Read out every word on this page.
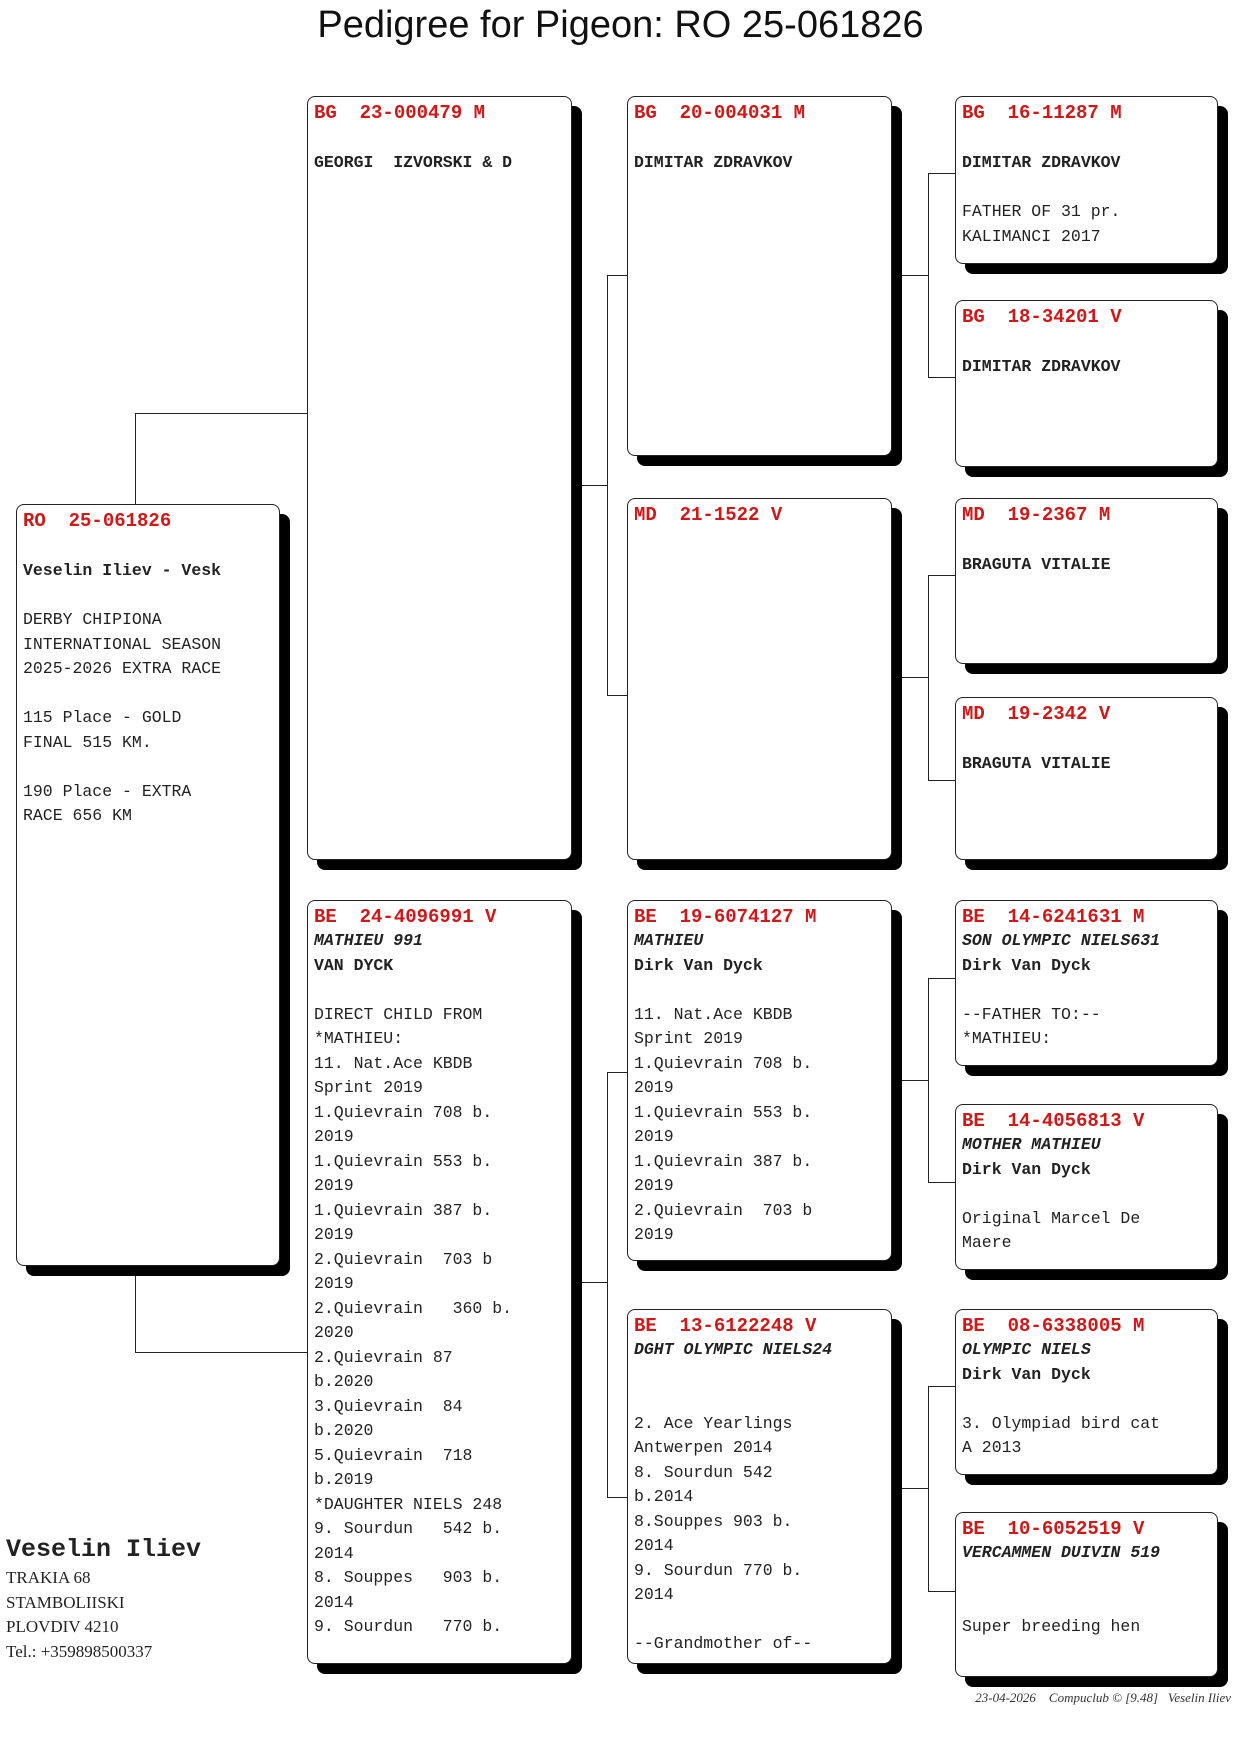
Pedigree for Pigeon: RO 25-061826
RO  25-061826
Veselin Iliev - Vesk
DERBY CHIPIONA
INTERNATIONAL SEASON
2025-2026 EXTRA RACE

115 Place - GOLD
FINAL 515 KM.

190 Place - EXTRA
RACE 656 KM
BG  23-000479 M
GEORGI  IZVORSKI & D
BE  24-4096991 V
MATHIEU 991
VAN DYCK
DIRECT CHILD FROM
*MATHIEU:
11. Nat.Ace KBDB
Sprint 2019
1.Quievrain 708 b.
2019
1.Quievrain 553 b.
2019
1.Quievrain 387 b.
2019
2.Quievrain  703 b
2019
2.Quievrain   360 b.
2020
2.Quievrain 87
b.2020
3.Quievrain  84
b.2020
5.Quievrain  718
b.2019
*DAUGHTER NIELS 248
9. Sourdun   542 b.
2014
8. Souppes   903 b.
2014
9. Sourdun   770 b.
BG  20-004031 M
DIMITAR ZDRAVKOV
MD  21-1522 V
BE  19-6074127 M
MATHIEU
Dirk Van Dyck
11. Nat.Ace KBDB
Sprint 2019
1.Quievrain 708 b.
2019
1.Quievrain 553 b.
2019
1.Quievrain 387 b.
2019
2.Quievrain  703 b
2019
BE  13-6122248 V
DGHT OLYMPIC NIELS24
2. Ace Yearlings
Antwerpen 2014
8. Sourdun 542
b.2014
8.Souppes 903 b.
2014
9. Sourdun 770 b.
2014

--Grandmother of--
BG  16-11287 M
DIMITAR ZDRAVKOV
FATHER OF 31 pr.
KALIMANCI 2017
BG  18-34201 V
DIMITAR ZDRAVKOV
MD  19-2367 M
BRAGUTA VITALIE
MD  19-2342 V
BRAGUTA VITALIE
BE  14-6241631 M
SON OLYMPIC NIELS631
Dirk Van Dyck
--FATHER TO:--
*MATHIEU:
BE  14-4056813 V
MOTHER MATHIEU
Dirk Van Dyck
Original Marcel De
Maere
BE  08-6338005 M
OLYMPIC NIELS
Dirk Van Dyck
3. Olympiad bird cat
A 2013
BE  10-6052519 V
VERCAMMEN DUIVIN 519
Super breeding hen
Veselin Iliev
TRAKIA 68
STAMBOLIISKI
PLOVDIV 4210
Tel.: +359898500337
23-04-2026    Compuclub © [9.48]   Veselin Iliev
